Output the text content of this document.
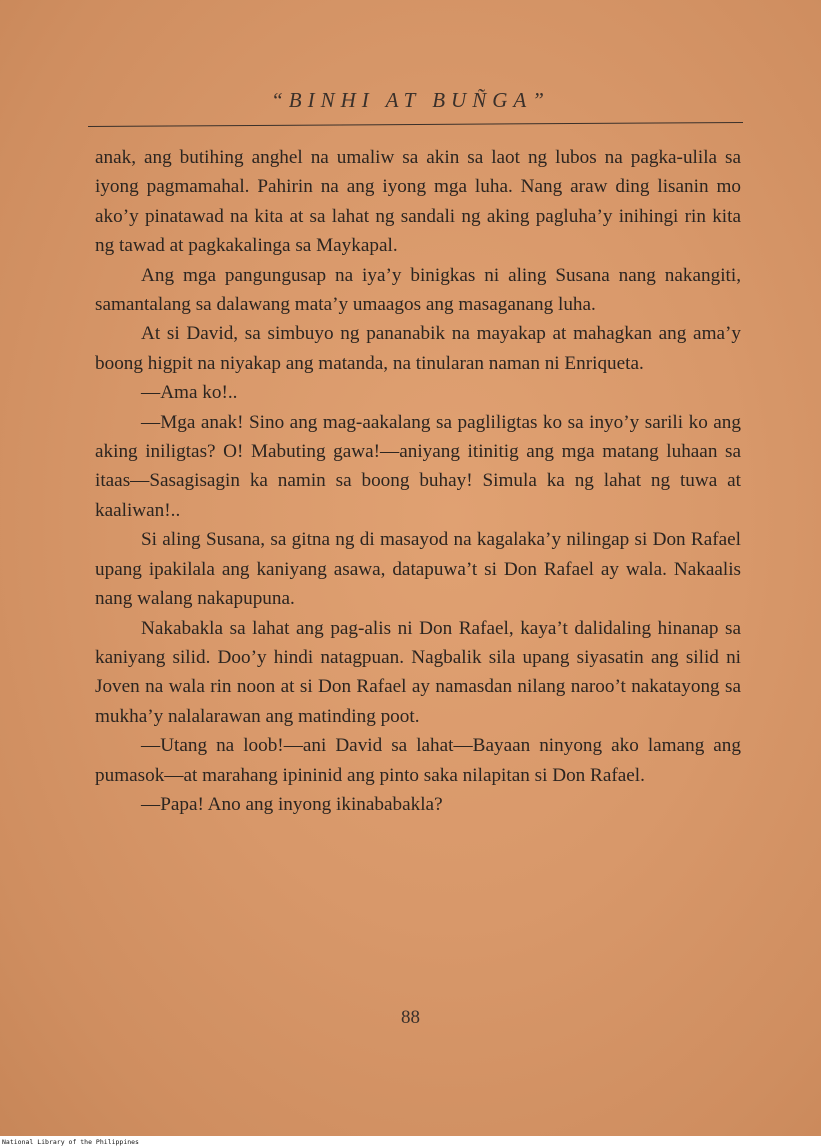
“BINHI AT BUÑGA”

anak, ang butihing anghel na umaliw sa akin sa laot ng lubos na pagka-ulila sa iyong pagmamahal. Pahirin na ang iyong mga luha. Nang araw ding lisanin mo ako’y pinatawad na kita at sa lahat ng sandali ng aking pagluha’y inihingi rin kita ng tawad at pagkakalinga sa Maykapal.

Ang mga pangungusap na iya’y binigkas ni aling Susana nang nakangiti, samantalang sa dalawang mata’y umaagos ang masaganang luha.

At si David, sa simbuyo ng pananabik na mayakap at mahagkan ang ama’y boong higpit na niyakap ang matanda, na tinularan naman ni Enriqueta.

—Ama ko!..

—Mga anak! Sino ang mag-aakalang sa pagliligtas ko sa inyo’y sarili ko ang aking iniligtas? O! Mabuting gawa!—aniyang itinitig ang mga matang luhaan sa itaas—Sasagisagin ka namin sa boong buhay! Simula ka ng lahat ng tuwa at kaaliwan!..

Si aling Susana, sa gitna ng di masayod na kagalaka’y nilingap si Don Rafael upang ipakilala ang kaniyang asawa, datapuwa’t si Don Rafael ay wala. Nakaalis nang walang nakapupuna.

Nakabakla sa lahat ang pag-alis ni Don Rafael, kaya’t dalidaling hinanap sa kaniyang silid. Doo’y hindi natagpuan. Nagbalik sila upang siyasatin ang silid ni Joven na wala rin noon at si Don Rafael ay namasdan nilang naroo’t nakatayong sa mukha’y nalalarawan ang matinding poot.

—Utang na loob!—ani David sa lahat—Bayaan ninyong ako lamang ang pumasok—at marahang ipininid ang pinto saka nilapitan si Don Rafael.

—Papa! Ano ang inyong ikinababakla?

88
National Library of the Philippines
